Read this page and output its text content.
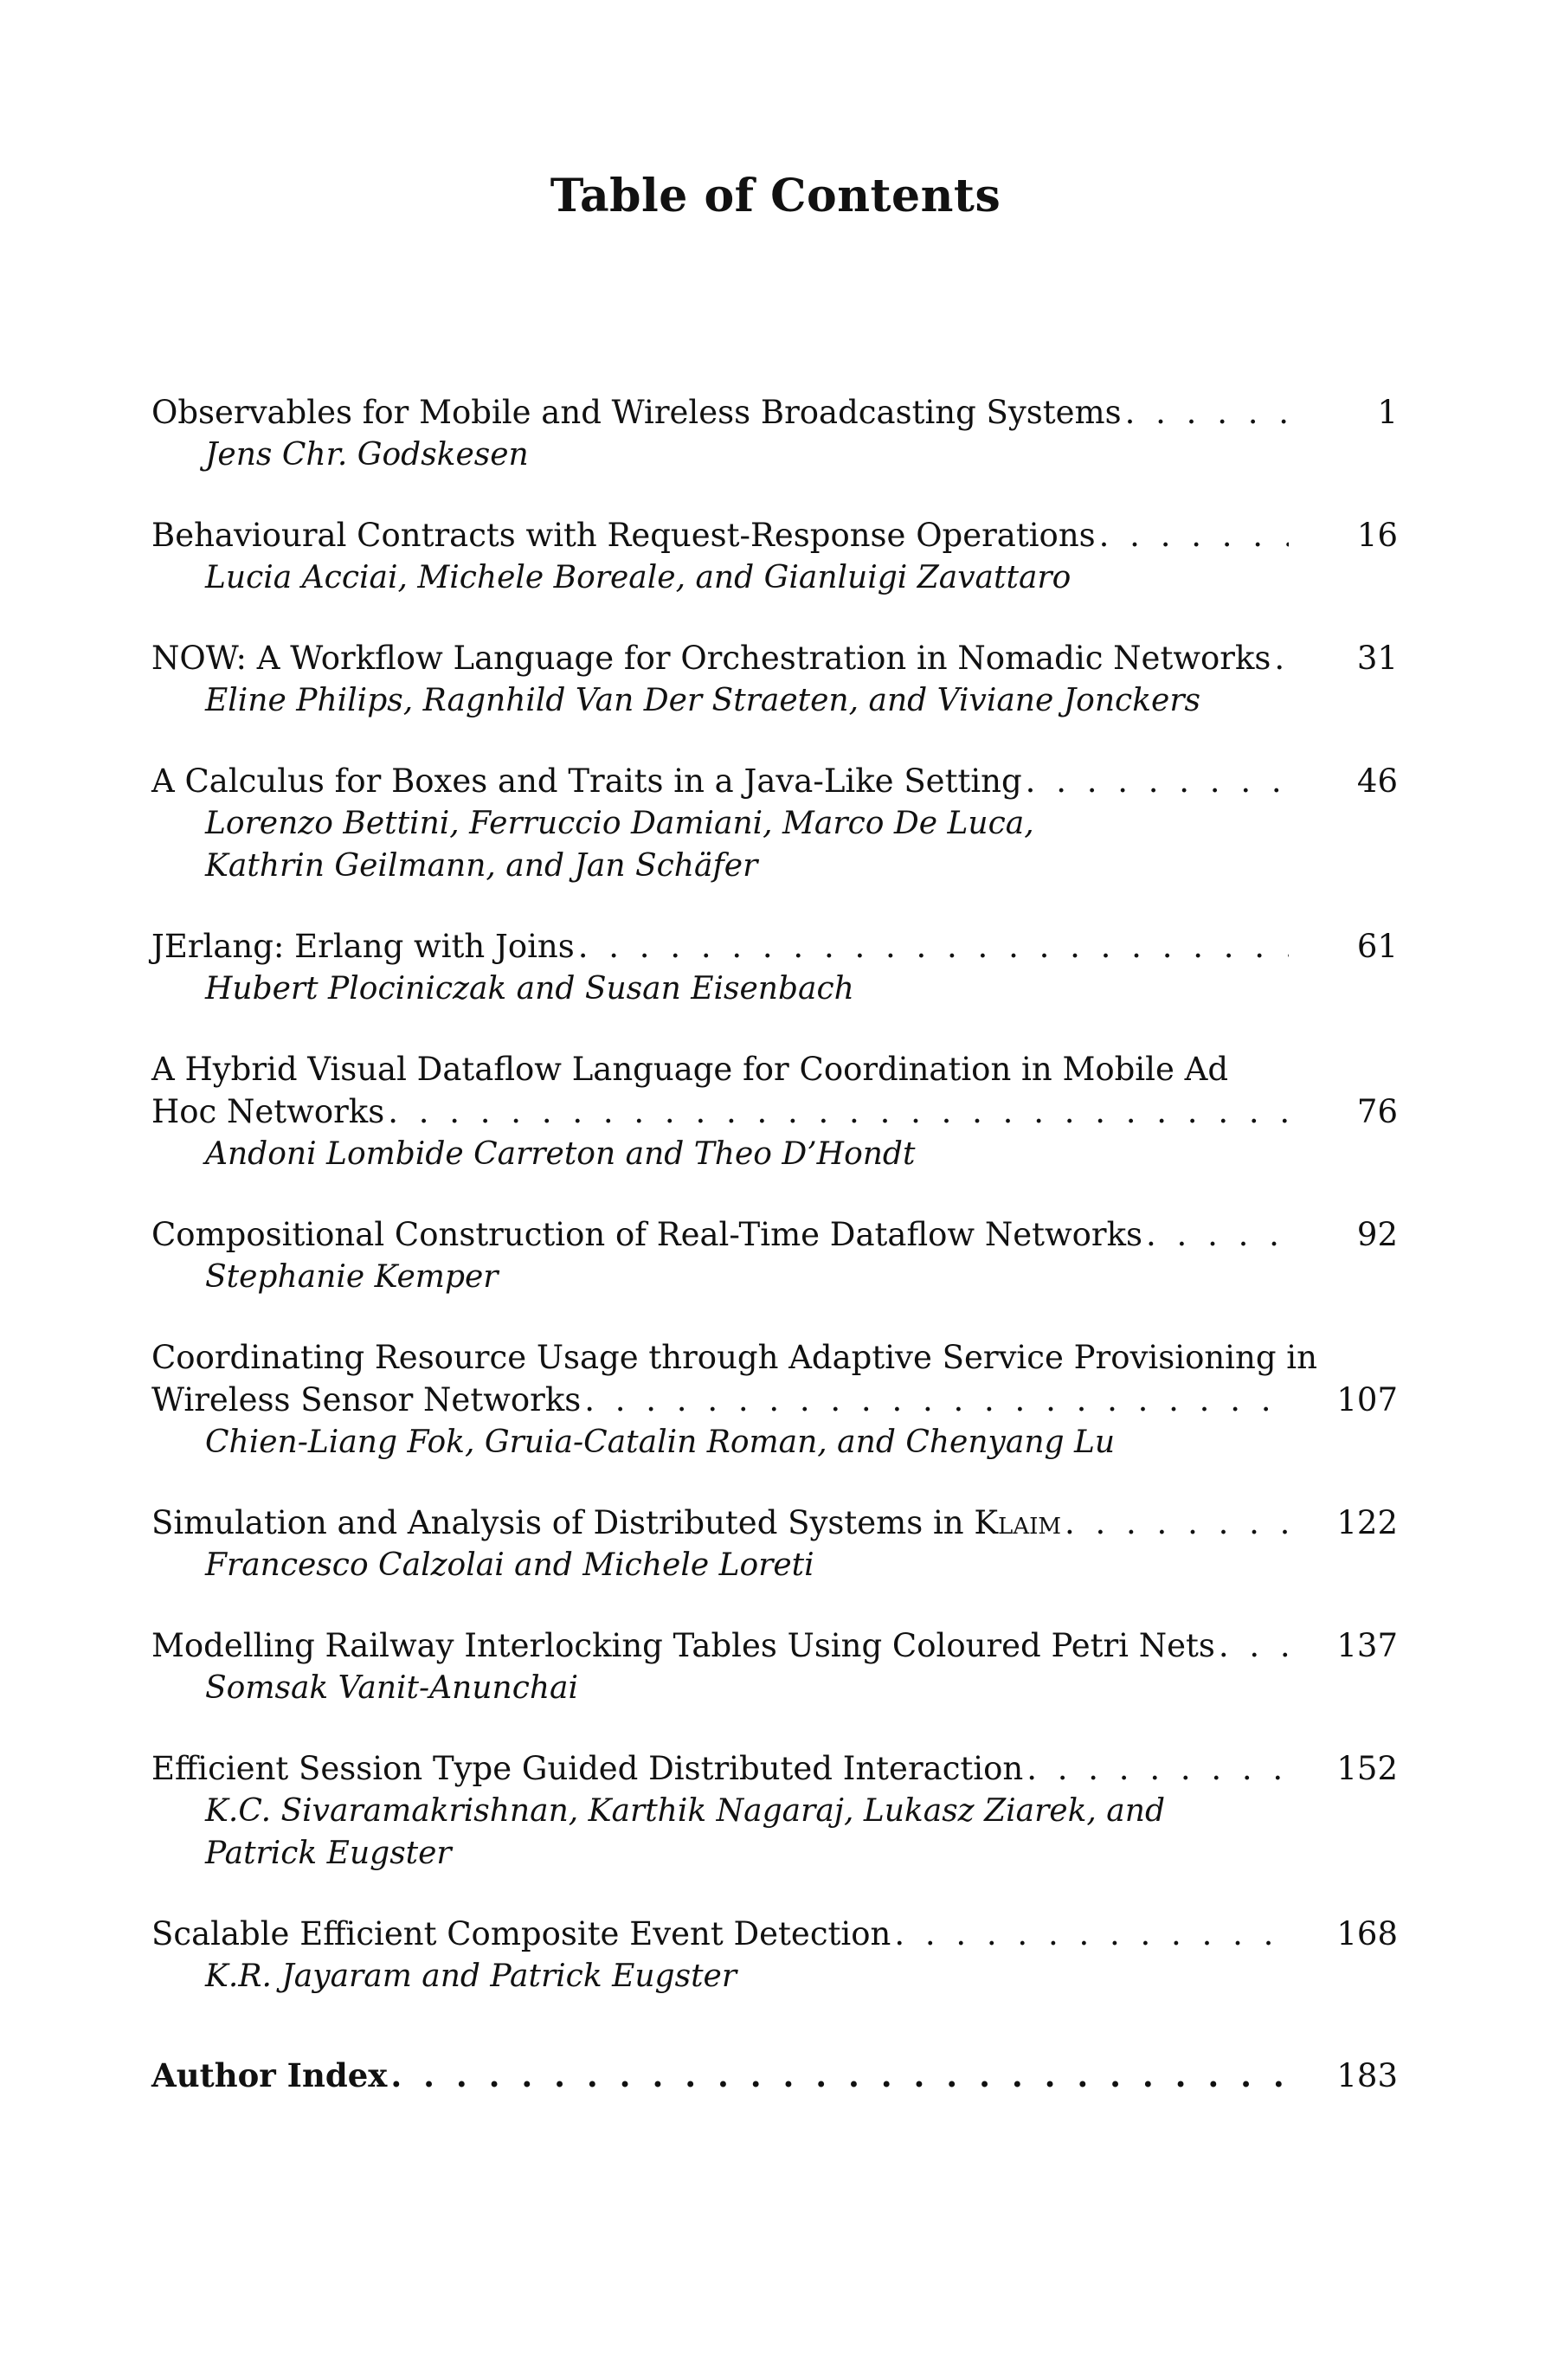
Table of Contents
Observables for Mobile and Wireless Broadcasting Systems . . .	1
Jens Chr. Godskesen
Behavioural Contracts with Request-Response Operations . . .	16
Lucia Acciai, Michele Boreale, and Gianluigi Zavattaro
NOW: A Workflow Language for Orchestration in Nomadic Networks . . .	31
Eline Philips, Ragnhild Van Der Straeten, and Viviane Jonckers
A Calculus for Boxes and Traits in a Java-Like Setting . . .	46
Lorenzo Bettini, Ferruccio Damiani, Marco De Luca,
Kathrin Geilmann, and Jan Schäfer
JErlang: Erlang with Joins . . .	61
Hubert Plociniczak and Susan Eisenbach
A Hybrid Visual Dataflow Language for Coordination in Mobile Ad
Hoc Networks . . .	76
Andoni Lombide Carreton and Theo D’Hondt
Compositional Construction of Real-Time Dataflow Networks . . .	92
Stephanie Kemper
Coordinating Resource Usage through Adaptive Service Provisioning in
Wireless Sensor Networks . . .	107
Chien-Liang Fok, Gruia-Catalin Roman, and Chenyang Lu
Simulation and Analysis of Distributed Systems in Klaim . . .	122
Francesco Calzolai and Michele Loreti
Modelling Railway Interlocking Tables Using Coloured Petri Nets . . .	137
Somsak Vanit-Anunchai
Efficient Session Type Guided Distributed Interaction . . .	152
K.C. Sivaramakrishnan, Karthik Nagaraj, Lukasz Ziarek, and
Patrick Eugster
Scalable Efficient Composite Event Detection . . .	168
K.R. Jayaram and Patrick Eugster
Author Index . . .	183
